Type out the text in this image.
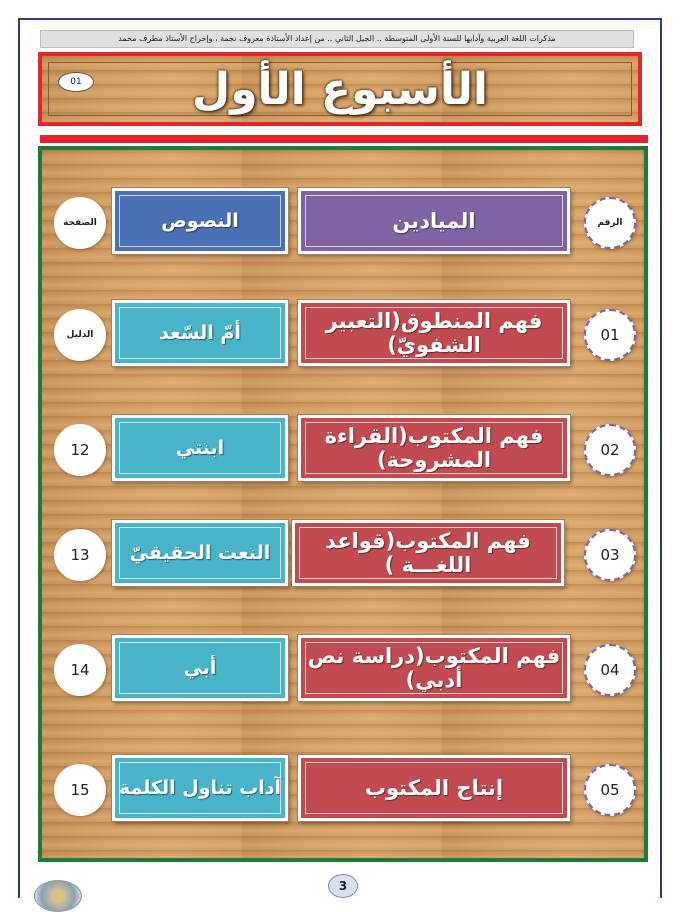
مذكرات اللغة العربية وآدابها للسنة الأولى المتوسطة .. الجيل الثاني .. من إعداد الأستاذة معروف نجمة ، وإخراج الأستاذ مطرف محمد
الأسبوع الأول
01
الرقم
الميادين
النصوص
الصفحة
01
فهم المنطوق(التعبير الشفويّ)
أمّ السّعد
الدليل
02
فهم المكتوب(القراءة المشروحة)
ابنتي
12
03
فهم المكتوب(قواعد اللغـــة )
النعت الحقيقيّ
13
04
فهم المكتوب(دراسة نص أدبي)
أبي
14
05
إنتاج المكتوب
آداب تناول الكلمة
15
3
